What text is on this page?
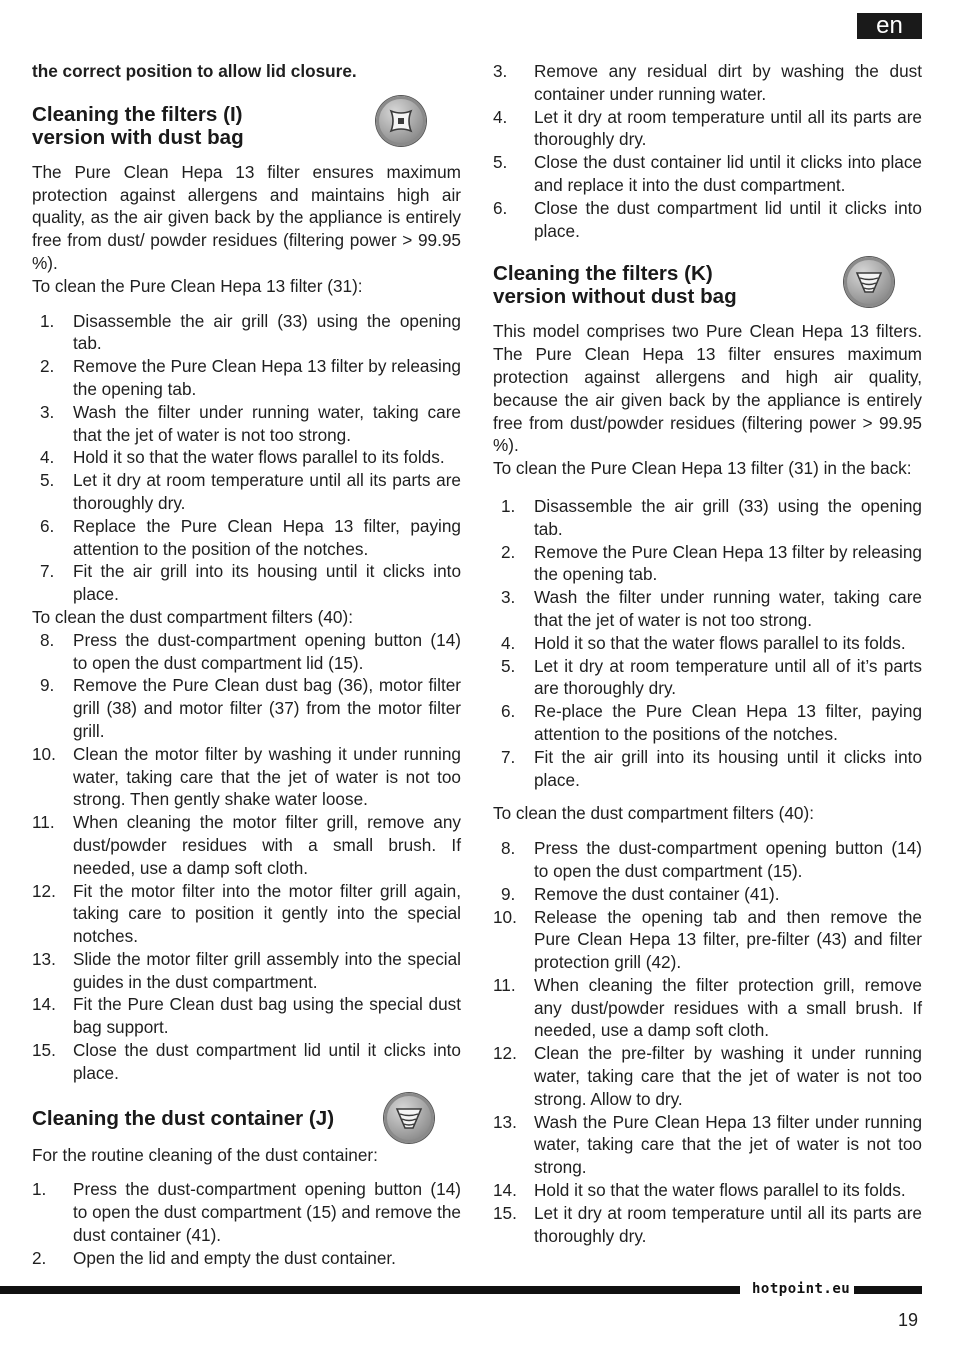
en

the correct position to allow lid closure.

Cleaning the filters (I)
version with dust bag

The Pure Clean Hepa 13 filter ensures maximum protection against allergens and maintains high air quality, as the air given back by the appliance is entirely free from dust/ powder residues (filtering power > 99.95 %).

To clean the Pure Clean Hepa 13 filter (31):

1. Disassemble the air grill (33) using the opening tab.
2. Remove the Pure Clean Hepa 13 filter by releasing the opening tab.
3. Wash the filter under running water, taking care that the jet of water is not too strong.
4. Hold it so that the water flows parallel to its folds.
5. Let it dry at room temperature until all its parts are thoroughly dry.
6. Replace the Pure Clean Hepa 13 filter, paying attention to the position of the notches.
7. Fit the air grill into its housing until it clicks into place.

To clean the dust compartment filters (40):

8. Press the dust-compartment opening button (14) to open the dust compartment lid (15).
9. Remove the Pure Clean dust bag (36), motor filter grill (38) and motor filter (37) from the motor filter grill.
10. Clean the motor filter by washing it under running water, taking care that the jet of water is not too strong. Then gently shake water loose.
11. When cleaning the motor filter grill, remove any dust/powder residues with a small brush. If needed, use a damp soft cloth.
12. Fit the motor filter into the motor filter grill again, taking care to position it gently into the special notches.
13. Slide the motor filter grill assembly into the special guides in the dust compartment.
14. Fit the Pure Clean dust bag using the special dust bag support.
15. Close the dust compartment lid until it clicks into place.
Cleaning the dust container (J)

For the routine cleaning of the dust container:

1. Press the dust-compartment opening button (14) to open the dust compartment (15) and remove the dust container (41).
2. Open the lid and empty the dust container.
3. Remove any residual dirt by washing the dust container under running water.
4. Let it dry at room temperature until all its parts are thoroughly dry.
5. Close the dust container lid until it clicks into place and replace it into the dust compartment.
6. Close the dust compartment lid until it clicks into place.
Cleaning the filters (K)
version without dust bag

This model comprises two Pure Clean Hepa 13 filters. The Pure Clean Hepa 13 filter ensures maximum protection against allergens and high air quality, because the air given back by the appliance is entirely free from dust/powder residues (filtering power > 99.95 %).

To clean the Pure Clean Hepa 13 filter (31) in the back:

1. Disassemble the air grill (33) using the opening tab.
2. Remove the Pure Clean Hepa 13 filter by releasing the opening tab.
3. Wash the filter under running water, taking care that the jet of water is not too strong.
4. Hold it so that the water flows parallel to its folds.
5. Let it dry at room temperature until all of it’s parts are thoroughly dry.
6. Re-place the Pure Clean Hepa 13 filter, paying attention to the positions of the notches.
7. Fit the air grill into its housing until it clicks into place.

To clean the dust compartment filters (40):

8. Press the dust-compartment opening button (14) to open the dust compartment (15).
9. Remove the dust container (41).
10. Release the opening tab and then remove the Pure Clean Hepa 13 filter, pre-filter (43) and filter protection grill (42).
11. When cleaning the filter protection grill, remove any dust/powder residues with a small brush. If needed, use a damp soft cloth.
12. Clean the pre-filter by washing it under running water, taking care that the jet of water is not too strong. Allow to dry.
13. Wash the Pure Clean Hepa 13 filter under running water, taking care that the jet of water is not too strong.
14. Hold it so that the water flows parallel to its folds.
15. Let it dry at room temperature until all its parts are thoroughly dry.
hotpoint.eu
19
